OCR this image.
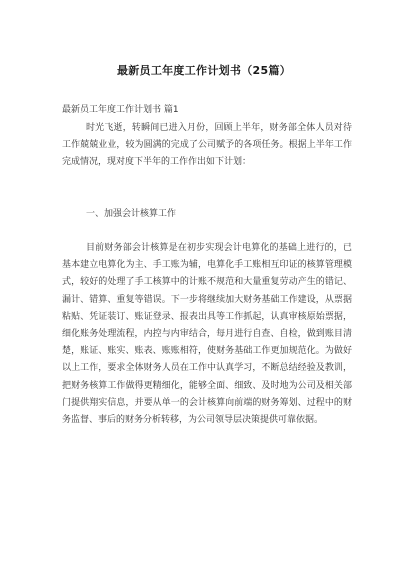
最新员工年度工作计划书（25篇）

最新员工年度工作计划书 篇1

时光飞逝，转瞬间已进入月份，回顾上半年，财务部全体人员对待工作兢兢业业，较为圆满的完成了公司赋予的各项任务。根据上半年工作完成情况，现对度下半年的工作作出如下计划：

一、加强会计核算工作

目前财务部会计核算是在初步实现会计电算化的基础上进行的，已基本建立电算化为主、手工账为辅，电算化手工账相互印证的核算管理模式，较好的处理了手工核算中的计账不规范和大量重复劳动产生的错记、漏计、错算、重复等错误。下一步将继续加大财务基础工作建设，从票据粘贴、凭证装订、账证登录、报表出具等工作抓起，认真审核原始票据，细化账务处理流程，内控与内审结合，每月进行自查、自检，做到账目清楚，账证、账实、账表、账账相符，使财务基础工作更加规范化。为做好以上工作，要求全体财务人员在工作中认真学习，不断总结经验及教训，把财务核算工作做得更精细化，能够全面、细致、及时地为公司及相关部门提供翔实信息，并要从单一的会计核算向前端的财务筹划、过程中的财务监督、事后的财务分析转移，为公司领导层决策提供可靠依据。
